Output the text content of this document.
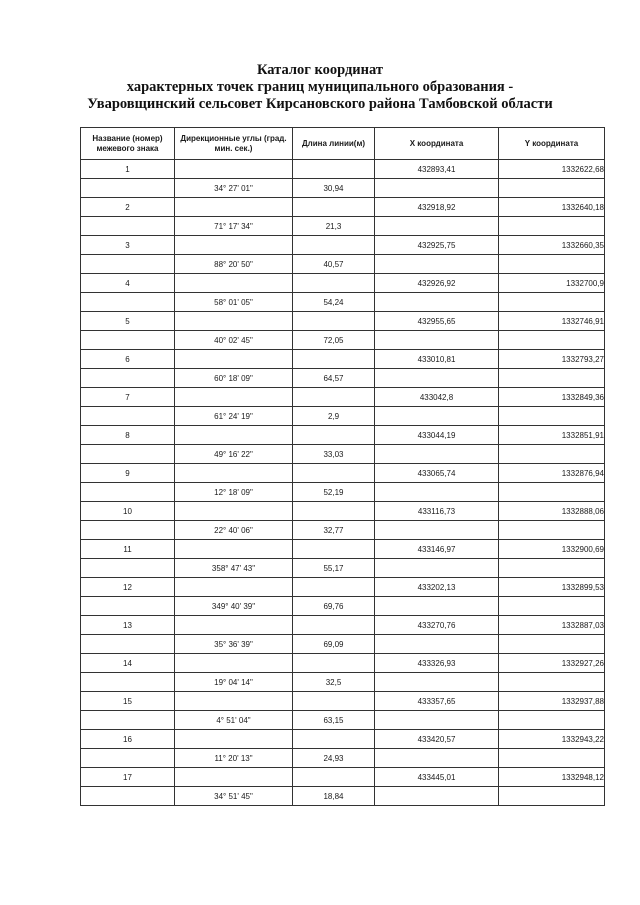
Каталог координат
характерных точек границ муниципального образования -
Уваровщинский сельсовет Кирсановского района Тамбовской области
Название (номер) межевого знака	Дирекционные углы (град. мин. сек.)	Длина линии(м)	X координата	Y координата
1			432893,41	1332622,68
	34° 27' 01"	30,94		
2			432918,92	1332640,18
	71° 17' 34"	21,3		
3			432925,75	1332660,35
	88° 20' 50"	40,57		
4			432926,92	1332700,9
	58° 01' 05"	54,24		
5			432955,65	1332746,91
	40° 02' 45"	72,05		
6			433010,81	1332793,27
	60° 18' 09"	64,57		
7			433042,8	1332849,36
	61° 24' 19"	2,9		
8			433044,19	1332851,91
	49° 16' 22"	33,03		
9			433065,74	1332876,94
	12° 18' 09"	52,19		
10			433116,73	1332888,06
	22° 40' 06"	32,77		
11			433146,97	1332900,69
	358° 47' 43"	55,17		
12			433202,13	1332899,53
	349° 40' 39"	69,76		
13			433270,76	1332887,03
	35° 36' 39"	69,09		
14			433326,93	1332927,26
	19° 04' 14"	32,5		
15			433357,65	1332937,88
	4° 51' 04"	63,15		
16			433420,57	1332943,22
	11° 20' 13"	24,93		
17			433445,01	1332948,12
	34° 51' 45"	18,84		
